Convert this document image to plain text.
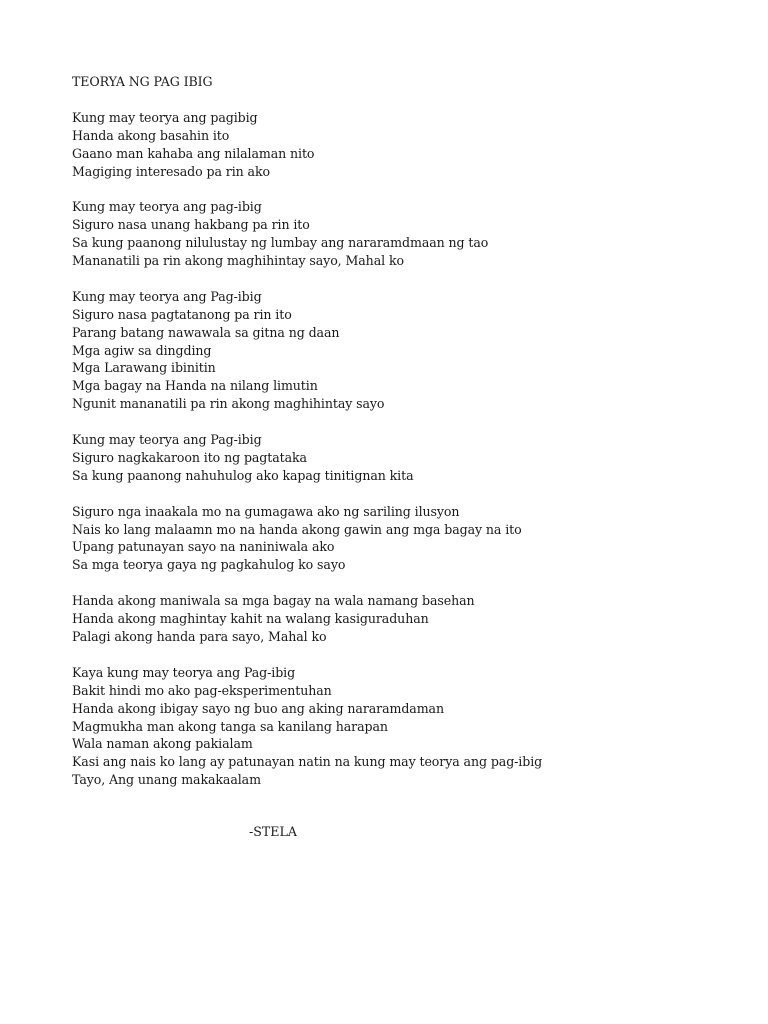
TEORYA NG PAG IBIG
Kung may teorya ang pagibig
Handa akong basahin ito
Gaano man kahaba ang nilalaman nito
Magiging interesado pa rin ako
Kung may teorya ang pag-ibig
Siguro nasa unang hakbang pa rin ito
Sa kung paanong nilulustay ng lumbay ang nararamdmaan ng tao
Mananatili pa rin akong maghihintay sayo, Mahal ko
Kung may teorya ang Pag-ibig
Siguro nasa pagtatanong pa rin ito
Parang batang nawawala sa gitna ng daan
Mga agiw sa dingding
Mga Larawang ibinitin
Mga bagay na Handa na nilang limutin
Ngunit mananatili pa rin akong maghihintay sayo
Kung may teorya ang Pag-ibig
Siguro nagkakaroon ito ng pagtataka
Sa kung paanong nahuhulog ako kapag tinitignan kita
Siguro nga inaakala mo na gumagawa ako ng sariling ilusyon
Nais ko lang malaamn mo na handa akong gawin ang mga bagay na ito
Upang patunayan sayo na naniniwala ako
Sa mga teorya gaya ng pagkahulog ko sayo
Handa akong maniwala sa mga bagay na wala namang basehan
Handa akong maghintay kahit na walang kasiguraduhan
Palagi akong handa para sayo, Mahal ko
Kaya kung may teorya ang Pag-ibig
Bakit hindi mo ako pag-eksperimentuhan
Handa akong ibigay sayo ng buo ang aking nararamdaman
Magmukha man akong tanga sa kanilang harapan
Wala naman akong pakialam
Kasi ang nais ko lang ay patunayan natin na kung may teorya ang pag-ibig
Tayo, Ang unang makakaalam
-STELA
